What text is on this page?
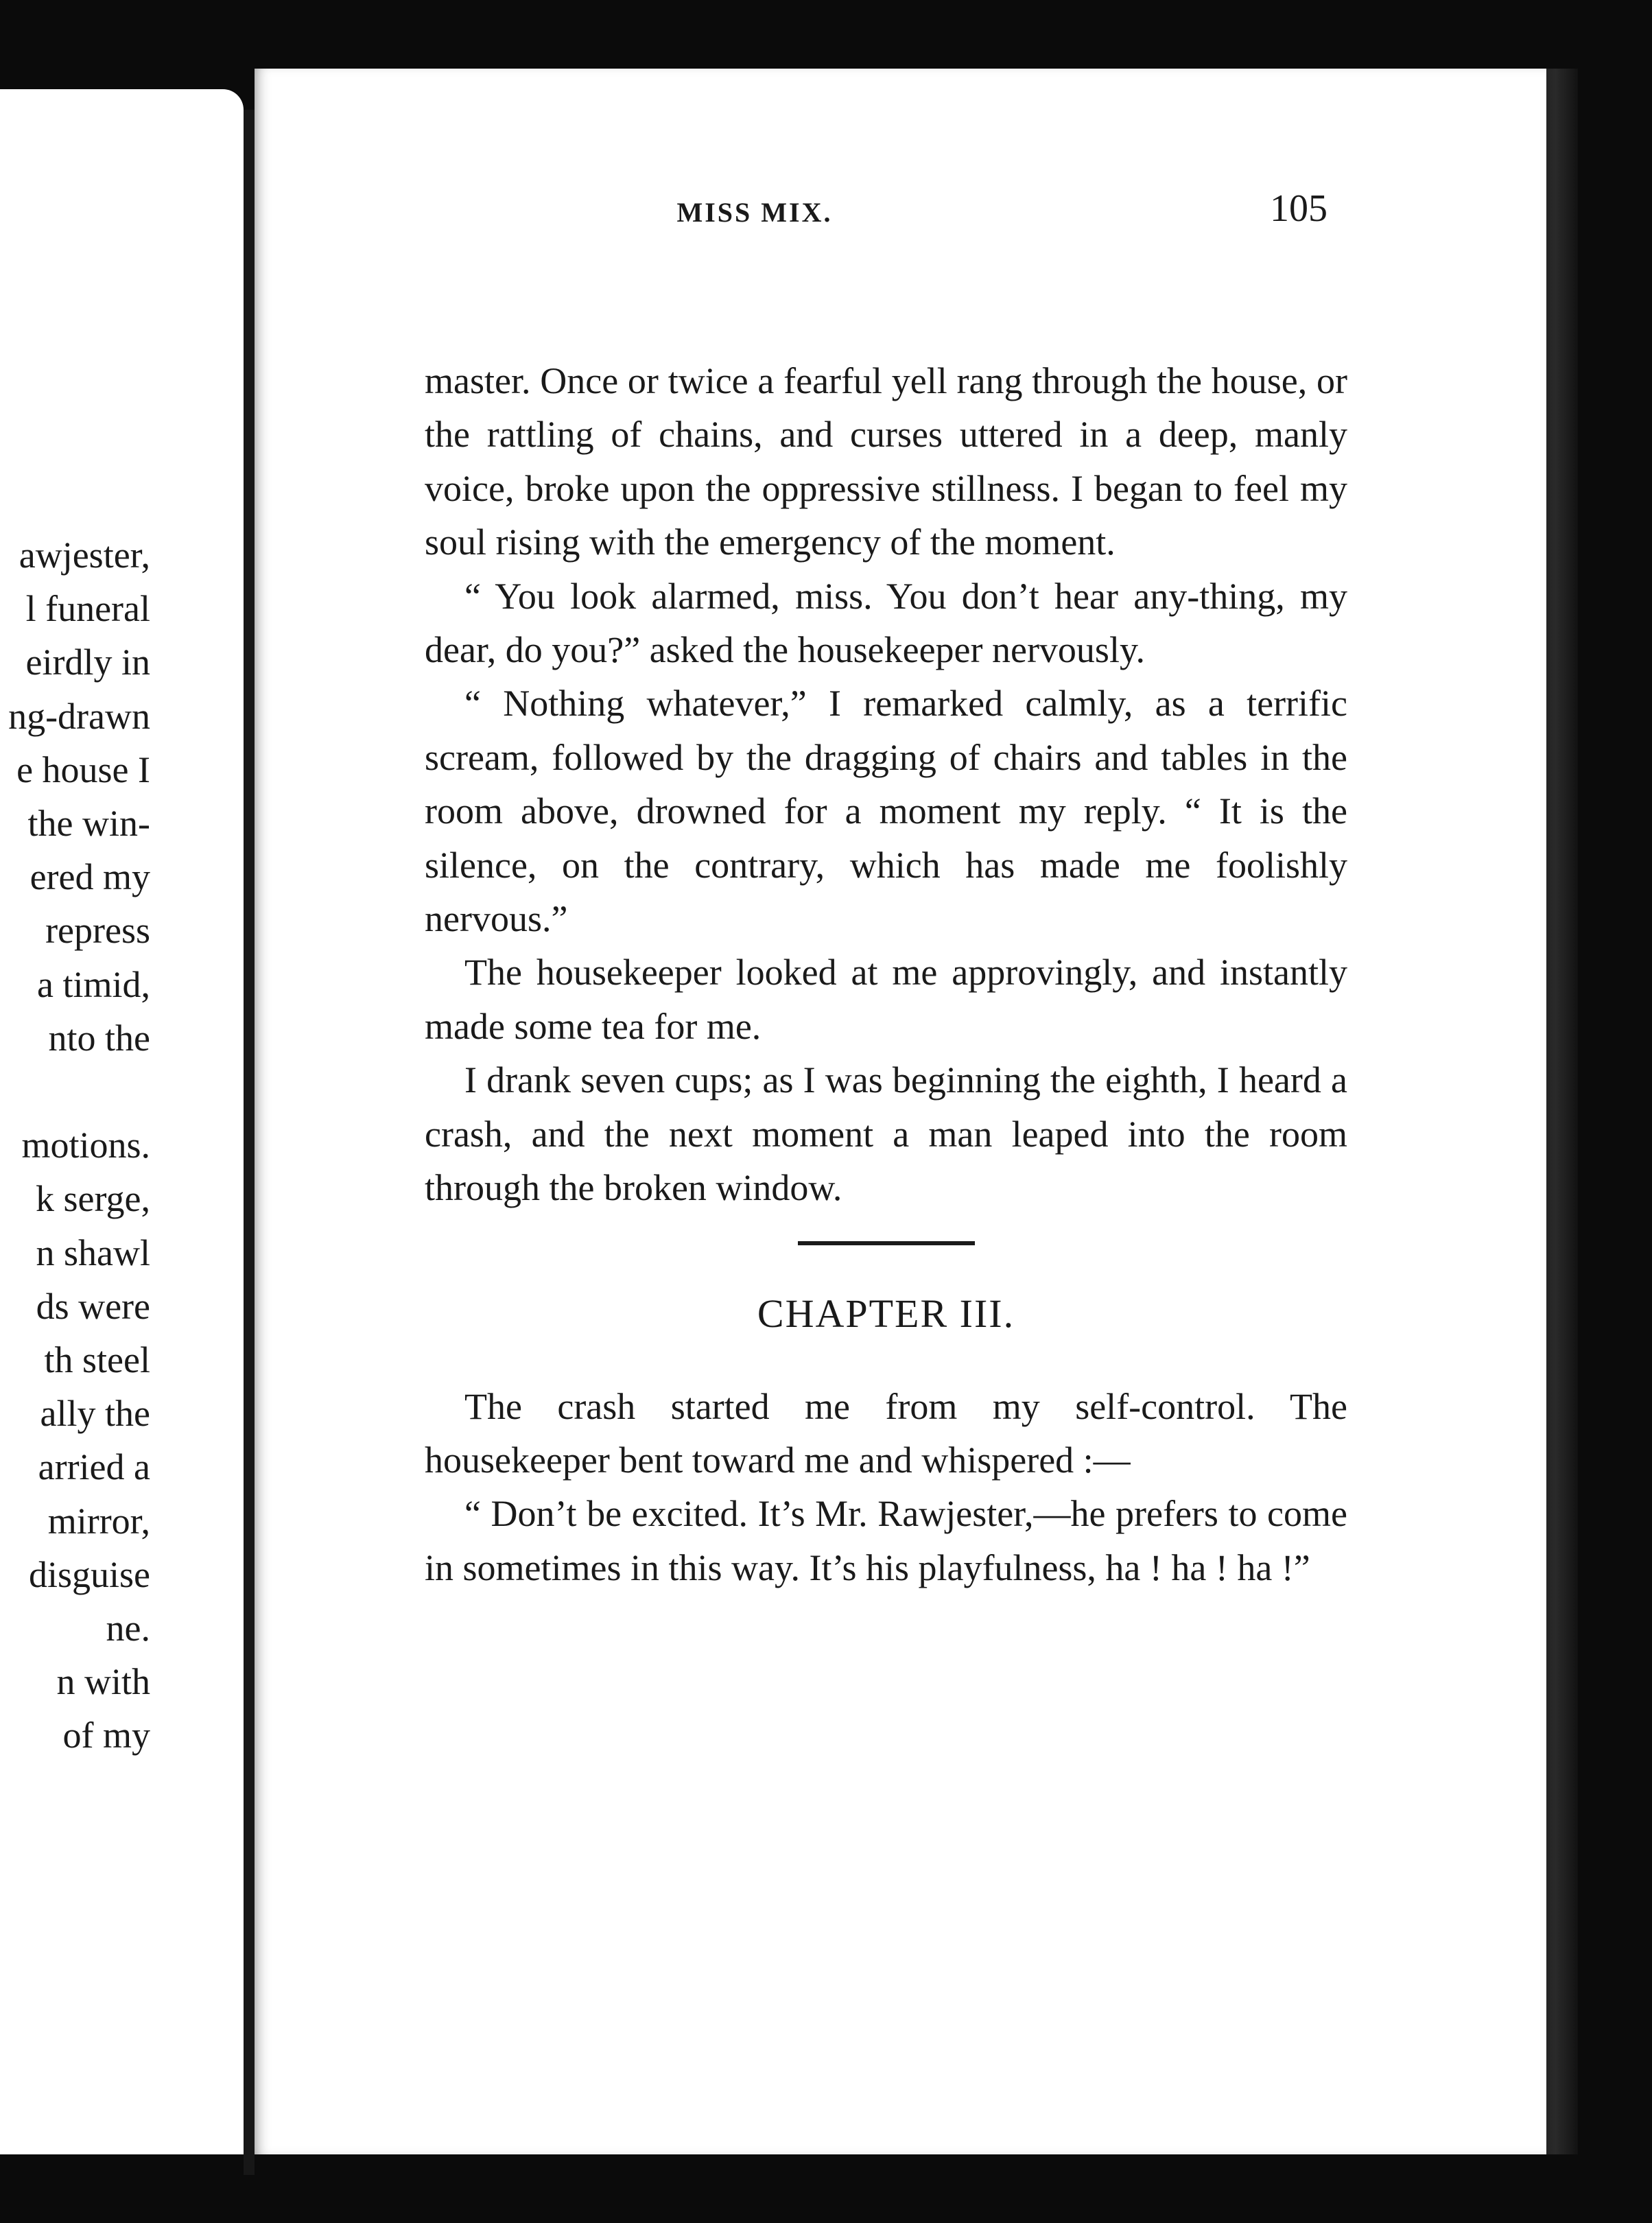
awjester,
l funeral
eirdly in
ng-drawn
e house I
the win-
ered my
repress
a timid,
nto the
motions.
k serge,
n shawl
ds were
th steel
ally the
arried a
mirror,
disguise
ne.
n with
of my
MISS MIX.	105

master. Once or twice a fearful yell rang through the house, or the rattling of chains, and curses uttered in a deep, manly voice, broke upon the oppressive stillness. I began to feel my soul rising with the emergency of the moment.

“ You look alarmed, miss. You don’t hear any-thing, my dear, do you?” asked the housekeeper nervously.

“ Nothing whatever,” I remarked calmly, as a terrific scream, followed by the dragging of chairs and tables in the room above, drowned for a moment my reply. “ It is the silence, on the contrary, which has made me foolishly nervous.”

The housekeeper looked at me approvingly, and instantly made some tea for me.

I drank seven cups; as I was beginning the eighth, I heard a crash, and the next moment a man leaped into the room through the broken window.

CHAPTER III.

The crash started me from my self-control. The housekeeper bent toward me and whispered :—

“ Don’t be excited. It’s Mr. Rawjester,—he prefers to come in sometimes in this way. It’s his playfulness, ha ! ha ! ha !”
